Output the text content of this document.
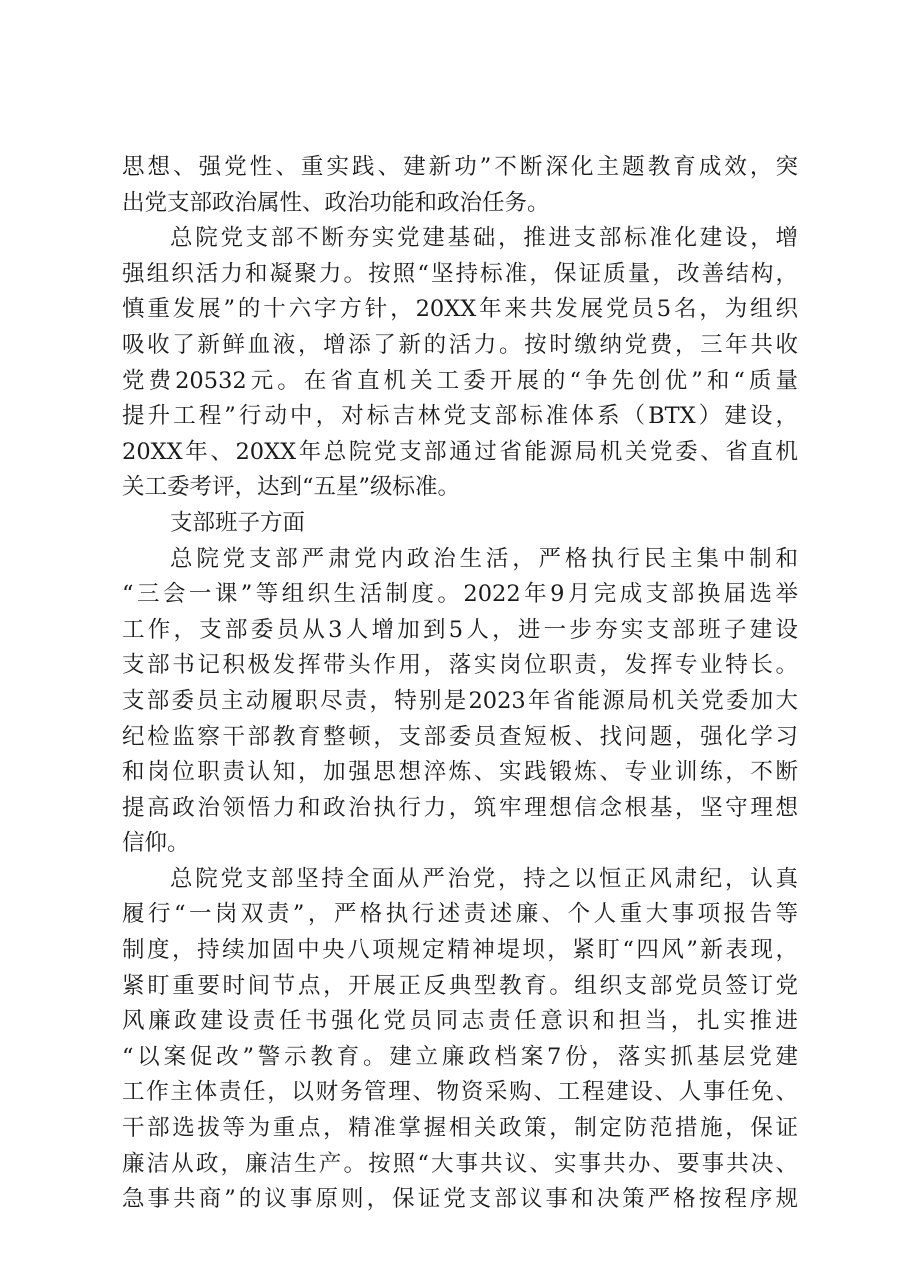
思想、强党性、重实践、建新功”不断深化主题教育成效，突
出党支部政治属性、政治功能和政治任务。
总院党支部不断夯实党建基础，推进支部标准化建设，增
强组织活力和凝聚力。按照“坚持标准，保证质量，改善结构，
慎重发展”的十六字方针，20XX年来共发展党员5名，为组织
吸收了新鲜血液，增添了新的活力。按时缴纳党费，三年共收
党费20532元。在省直机关工委开展的“争先创优”和“质量
提升工程”行动中，对标吉林党支部标准体系（BTX）建设，
20XX年、20XX年总院党支部通过省能源局机关党委、省直机
关工委考评，达到“五星”级标准。
支部班子方面
总院党支部严肃党内政治生活，严格执行民主集中制和
“三会一课”等组织生活制度。2022年9月完成支部换届选举
工作，支部委员从3人增加到5人，进一步夯实支部班子建设
支部书记积极发挥带头作用，落实岗位职责，发挥专业特长。
支部委员主动履职尽责，特别是2023年省能源局机关党委加大
纪检监察干部教育整顿，支部委员查短板、找问题，强化学习
和岗位职责认知，加强思想淬炼、实践锻炼、专业训练，不断
提高政治领悟力和政治执行力，筑牢理想信念根基，坚守理想
信仰。
总院党支部坚持全面从严治党，持之以恒正风肃纪，认真
履行“一岗双责”，严格执行述责述廉、个人重大事项报告等
制度，持续加固中央八项规定精神堤坝，紧盯“四风”新表现，
紧盯重要时间节点，开展正反典型教育。组织支部党员签订党
风廉政建设责任书强化党员同志责任意识和担当，扎实推进
“以案促改”警示教育。建立廉政档案7份，落实抓基层党建
工作主体责任，以财务管理、物资采购、工程建设、人事任免、
干部选拔等为重点，精准掌握相关政策，制定防范措施，保证
廉洁从政，廉洁生产。按照“大事共议、实事共办、要事共决、
急事共商”的议事原则，保证党支部议事和决策严格按程序规
